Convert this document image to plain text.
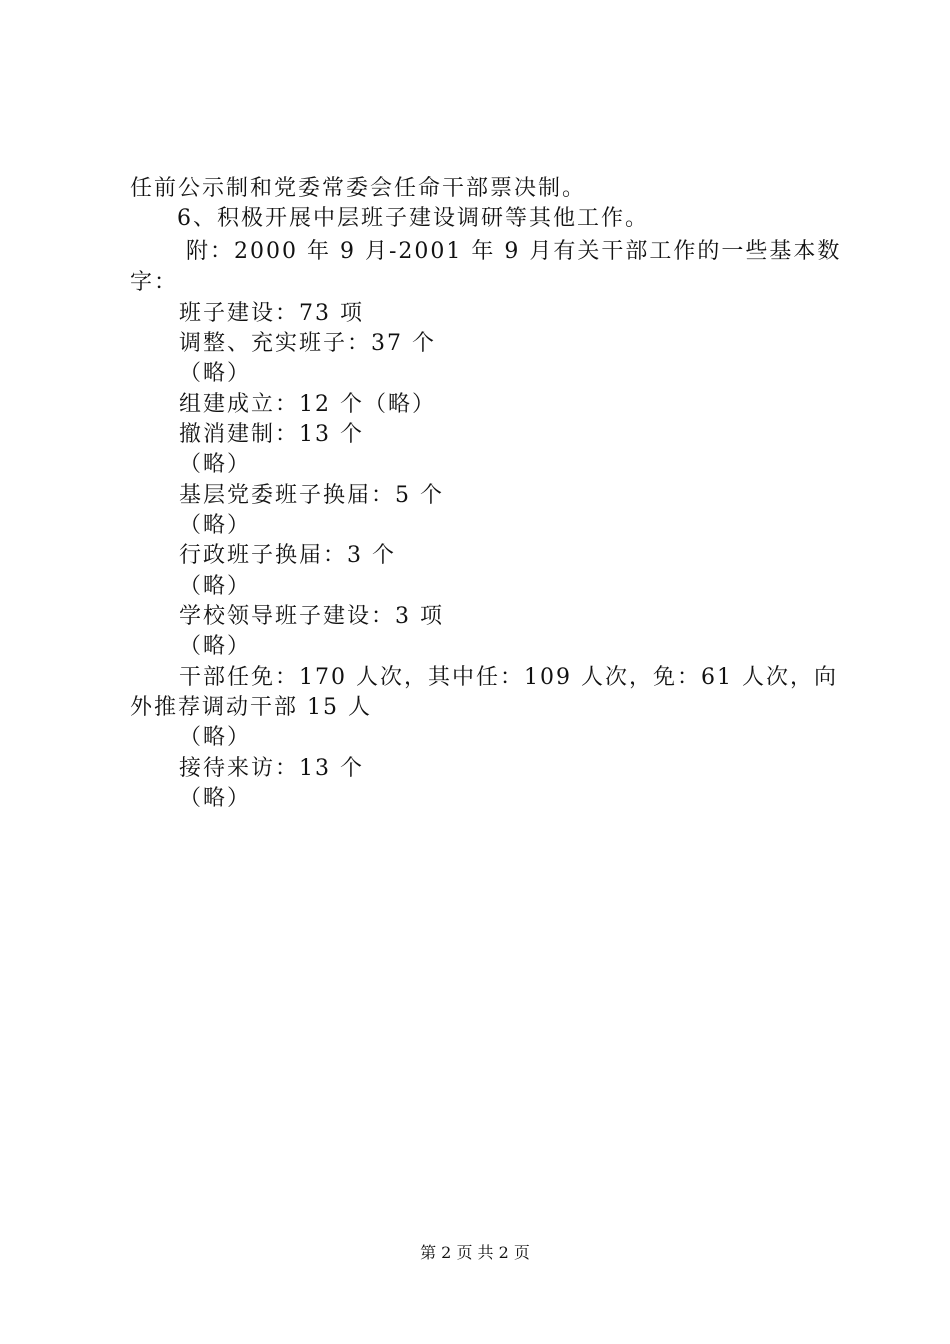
任前公示制和党委常委会任命干部票决制。
6、积极开展中层班子建设调研等其他工作。
附：2000 年 9 月-2001 年 9 月有关干部工作的一些基本数
字：
班子建设：73 项
调整、充实班子：37 个
（略）
组建成立：12 个（略）
撤消建制：13 个
（略）
基层党委班子换届：5 个
（略）
行政班子换届：3 个
（略）
学校领导班子建设：3 项
（略）
干部任免：170 人次，其中任：109 人次，免：61 人次，向
外推荐调动干部 15 人
（略）
接待来访：13 个
（略）
第 2 页 共 2 页
